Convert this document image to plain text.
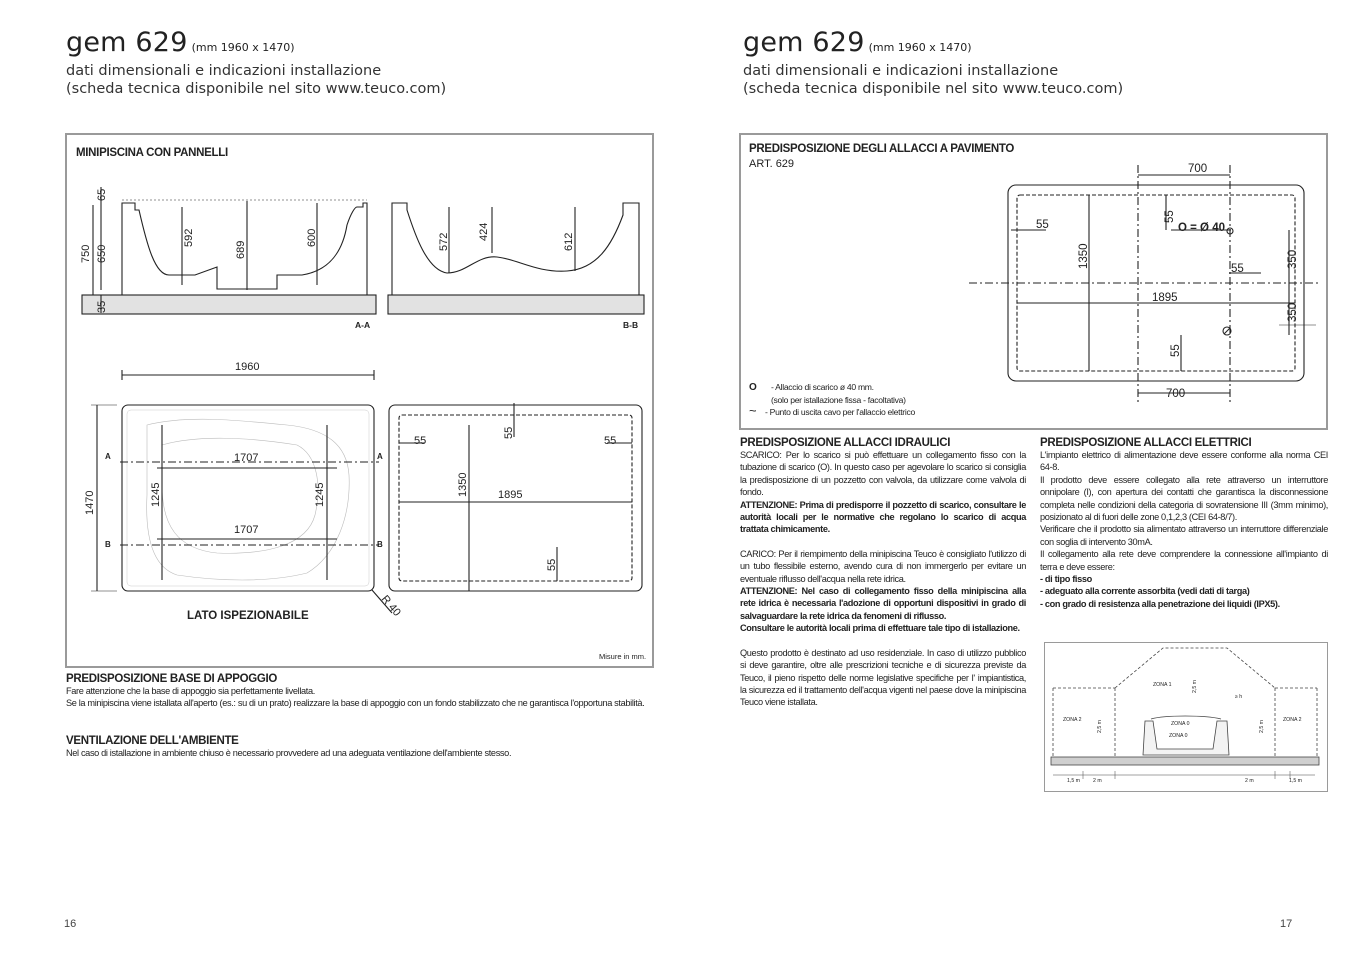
gem 629 (mm 1960 x 1470)
dati dimensionali e indicazioni installazione
(scheda tecnica disponibile nel sito www.teuco.com)
MINIPISCINA CON PANNELLI
65
750 650
592
689
600
35
572
424
612
A-A	B-B
1960
1470
1707
1245	1245
1707
R 40
A	A
B	B
LATO ISPEZIONABILE
55	55
55
1350	1895
55
Misure in mm.
PREDISPOSIZIONE BASE DI APPOGGIO
Fare attenzione che la base di appoggio sia perfettamente livellata.
Se la minipiscina viene istallata all'aperto (es.: su di un prato) realizzare la base di appoggio con un fondo stabilizzato che ne garantisca l'opportuna stabilità.
VENTILAZIONE DELL'AMBIENTE
Nel caso di istallazione in ambiente chiuso è necessario provvedere ad una adeguata ventilazione dell'ambiente stesso.
16
gem 629 (mm 1960 x 1470)
dati dimensionali e indicazioni installazione
(scheda tecnica disponibile nel sito www.teuco.com)
PREDISPOSIZIONE DEGLI ALLACCI A PAVIMENTO
ART. 629	700
55
55
1350
O = Ø 40
55	350
1895
350
55
700
O - Allaccio di scarico ø 40 mm.
(solo per istallazione fissa - facoltativa)
~ - Punto di uscita cavo per l'allaccio elettrico
PREDISPOSIZIONE ALLACCI IDRAULICI
SCARICO: Per lo scarico si può effettuare un collegamento fisso con la tubazione di scarico (O). In questo caso per agevolare lo scarico si consiglia la predisposizione di un pozzetto con valvola, da utilizzare come valvola di fondo.
ATTENZIONE: Prima di predisporre il pozzetto di scarico, consultare le autorità locali per le normative che regolano lo scarico di acqua trattata chimicamente.
CARICO: Per il riempimento della minipiscina Teuco è consigliato l'utilizzo di un tubo flessibile esterno, avendo cura di non immergerlo per evitare un eventuale riflusso dell'acqua nella rete idrica.
ATTENZIONE: Nel caso di collegamento fisso della minipiscina alla rete idrica è necessaria l'adozione di opportuni dispositivi in grado di salvaguardare la rete idrica da fenomeni di riflusso.
Consultare le autorità locali prima di effettuare tale tipo di istallazione.
Questo prodotto è destinato ad uso residenziale. In caso di utilizzo pubblico si deve garantire, oltre alle prescrizioni tecniche e di sicurezza previste da Teuco, il pieno rispetto delle norme legislative specifiche per l' impiantistica, la sicurezza ed il trattamento dell'acqua vigenti nel paese dove la minipiscina Teuco viene istallata.
PREDISPOSIZIONE ALLACCI ELETTRICI
L'impianto elettrico di alimentazione deve essere conforme alla norma CEI 64-8.
Il prodotto deve essere collegato alla rete attraverso un interruttore onnipolare (I), con apertura dei contatti che garantisca la disconnessione completa nelle condizioni della categoria di sovratensione III (3mm minimo), posizionato al di fuori delle zone 0,1,2,3 (CEI 64-8/7).
Verificare che il prodotto sia alimentato attraverso un interruttore differenziale con soglia di intervento 30mA.
Il collegamento alla rete deve comprendere la connessione all'impianto di terra e deve essere:
- di tipo fisso
- adeguato alla corrente assorbita (vedi dati di targa)
- con grado di resistenza alla penetrazione dei liquidi (IPX5).
ZONA 1
ZONA 2	ZONA 2
ZONA 0
ZONA 0
1,5 m	2 m	2 m	1,5 m
≥ h
2,5 m
2,5 m	2,5 m
17
